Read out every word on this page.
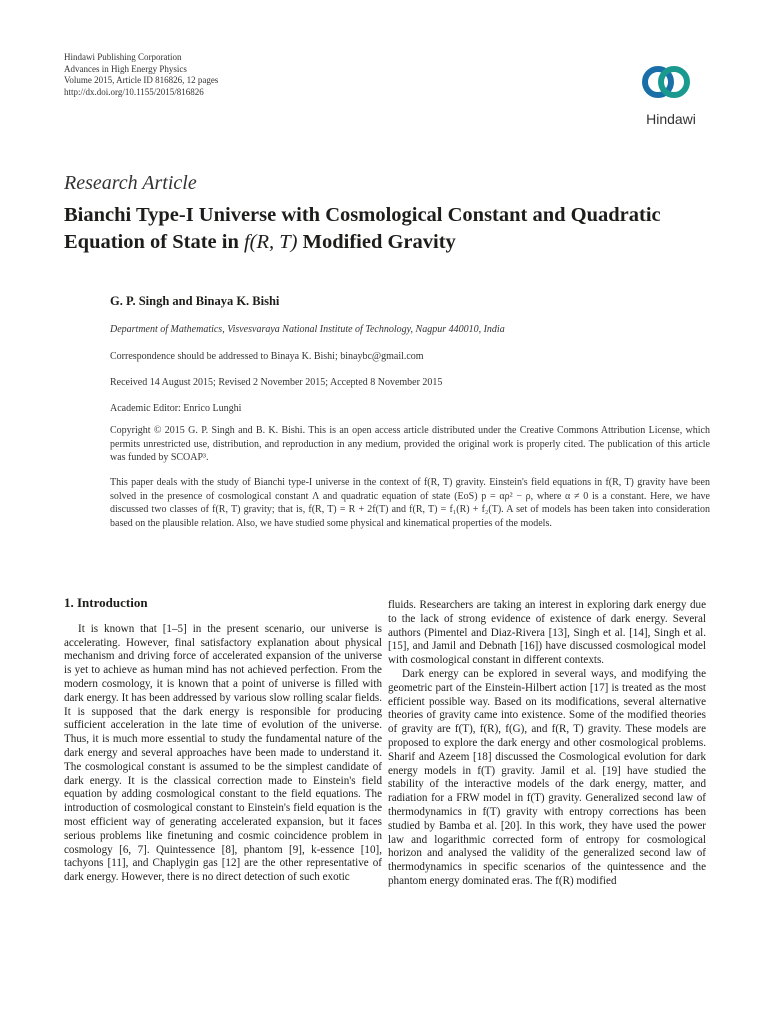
Hindawi Publishing Corporation
Advances in High Energy Physics
Volume 2015, Article ID 816826, 12 pages
http://dx.doi.org/10.1155/2015/816826
Hindawi
Research Article
Bianchi Type-I Universe with Cosmological Constant and Quadratic Equation of State in f(R, T) Modified Gravity
G. P. Singh and Binaya K. Bishi
Department of Mathematics, Visvesvaraya National Institute of Technology, Nagpur 440010, India
Correspondence should be addressed to Binaya K. Bishi; binaybc@gmail.com
Received 14 August 2015; Revised 2 November 2015; Accepted 8 November 2015
Academic Editor: Enrico Lunghi
Copyright © 2015 G. P. Singh and B. K. Bishi. This is an open access article distributed under the Creative Commons Attribution License, which permits unrestricted use, distribution, and reproduction in any medium, provided the original work is properly cited. The publication of this article was funded by SCOAP³.
This paper deals with the study of Bianchi type-I universe in the context of f(R, T) gravity. Einstein's field equations in f(R, T) gravity have been solved in the presence of cosmological constant Λ and quadratic equation of state (EoS) p = αρ² − ρ, where α ≠ 0 is a constant. Here, we have discussed two classes of f(R, T) gravity; that is, f(R, T) = R + 2f(T) and f(R, T) = f₁(R) + f₂(T). A set of models has been taken into consideration based on the plausible relation. Also, we have studied some physical and kinematical properties of the models.
1. Introduction

It is known that [1–5] in the present scenario, our universe is accelerating. However, final satisfactory explanation about physical mechanism and driving force of accelerated expansion of the universe is yet to achieve as human mind has not achieved perfection. From the modern cosmology, it is known that a point of universe is filled with dark energy. It has been addressed by various slow rolling scalar fields. It is supposed that the dark energy is responsible for producing sufficient acceleration in the late time of evolution of the universe. Thus, it is much more essential to study the fundamental nature of the dark energy and several approaches have been made to understand it. The cosmological constant is assumed to be the simplest candidate of dark energy. It is the classical correction made to Einstein's field equation by adding cosmological constant to the field equations. The introduction of cosmological constant to Einstein's field equation is the most efficient way of generating accelerated expansion, but it faces serious problems like finetuning and cosmic coincidence problem in cosmology [6, 7]. Quintessence [8], phantom [9], k-essence [10], tachyons [11], and Chaplygin gas [12] are the other representative of dark energy. However, there is no direct detection of such exotic

fluids. Researchers are taking an interest in exploring dark energy due to the lack of strong evidence of existence of dark energy. Several authors (Pimentel and Diaz-Rivera [13], Singh et al. [14], Singh et al. [15], and Jamil and Debnath [16]) have discussed cosmological model with cosmological constant in different contexts.

Dark energy can be explored in several ways, and modifying the geometric part of the Einstein-Hilbert action [17] is treated as the most efficient possible way. Based on its modifications, several alternative theories of gravity came into existence. Some of the modified theories of gravity are f(T), f(R), f(G), and f(R, T) gravity. These models are proposed to explore the dark energy and other cosmological problems. Sharif and Azeem [18] discussed the Cosmological evolution for dark energy models in f(T) gravity. Jamil et al. [19] have studied the stability of the interactive models of the dark energy, matter, and radiation for a FRW model in f(T) gravity. Generalized second law of thermodynamics in f(T) gravity with entropy corrections has been studied by Bamba et al. [20]. In this work, they have used the power law and logarithmic corrected form of entropy for cosmological horizon and analysed the validity of the generalized second law of thermodynamics in specific scenarios of the quintessence and the phantom energy dominated eras. The f(R) modified
